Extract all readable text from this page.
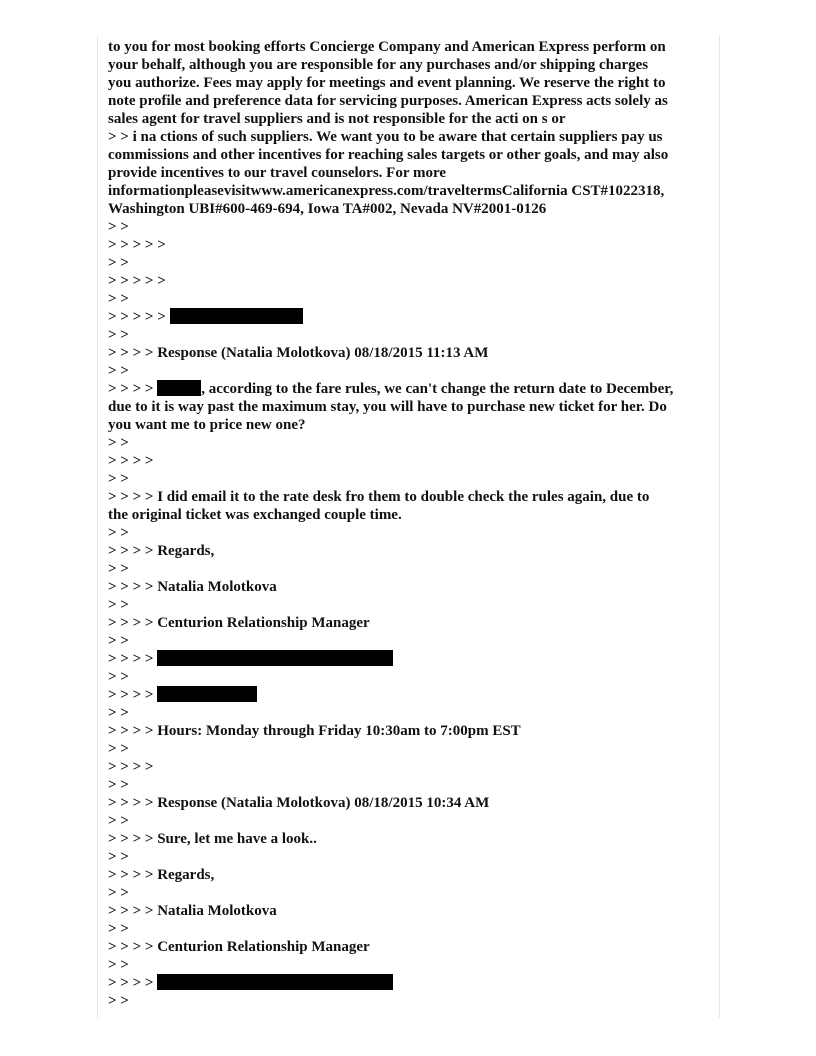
to you for most booking efforts Concierge Company and American Express perform on
your behalf, although you are responsible for any purchases and/or shipping charges
you authorize. Fees may apply for meetings and event planning. We reserve the right to
note profile and preference data for servicing purposes. American Express acts solely as
sales agent for travel suppliers and is not responsible for the acti on s or
> > i na ctions of such suppliers. We want you to be aware that certain suppliers pay us
commissions and other incentives for reaching sales targets or other goals, and may also
provide incentives to our travel counselors. For more
informationpleasevisitwww.americanexpress.com/traveltermsCalifornia CST#1022318,
Washington UBI#600-469-694, Iowa TA#002, Nevada NV#2001-0126
> >
> > > > >
> >
> > > > >
> >
> > > > >
> >
> > > > Response (Natalia Molotkova) 08/18/2015 11:13 AM
> >
> > > >	, according to the fare rules, we can't change the return date to December,
due to it is way past the maximum stay, you will have to purchase new ticket for her. Do
you want me to price new one?
> >
> > > >
> >
> > > > I did email it to the rate desk fro them to double check the rules again, due to
the original ticket was exchanged couple time.
> >
> > > > Regards,
> >
> > > > Natalia Molotkova
> >
> > > > Centurion Relationship Manager
> >
> > > >
> >
> > > >
> >
> > > > Hours: Monday through Friday 10:30am to 7:00pm EST
> >
> > > >
> >
> > > > Response (Natalia Molotkova) 08/18/2015 10:34 AM
> >
> > > > Sure, let me have a look..
> >
> > > > Regards,
> >
> > > > Natalia Molotkova
> >
> > > > Centurion Relationship Manager
> >
> > > >
> >
